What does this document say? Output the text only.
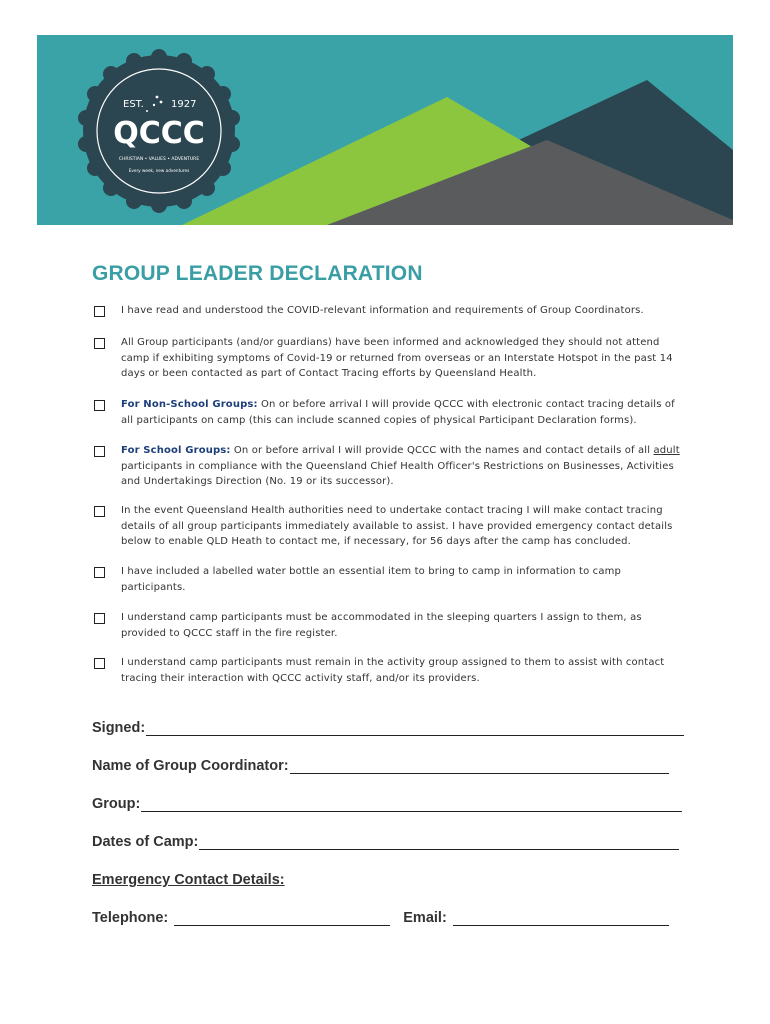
EST.	1927
QCCC
CHRISTIAN • VALUES • ADVENTURE
Every week, new adventures
GROUP LEADER DECLARATION
I have read and understood the COVID-relevant information and requirements of Group Coordinators.
All Group participants (and/or guardians) have been informed and acknowledged they should not attend camp if exhibiting symptoms of Covid-19 or returned from overseas or an Interstate Hotspot in the past 14 days or been contacted as part of Contact Tracing efforts by Queensland Health.
For Non-School Groups: On or before arrival I will provide QCCC with electronic contact tracing details of all participants on camp (this can include scanned copies of physical Participant Declaration forms).
For School Groups: On or before arrival I will provide QCCC with the names and contact details of all adult participants in compliance with the Queensland Chief Health Officer's Restrictions on Businesses, Activities and Undertakings Direction (No. 19 or its successor).
In the event Queensland Health authorities need to undertake contact tracing I will make contact tracing details of all group participants immediately available to assist. I have provided emergency contact details below to enable QLD Heath to contact me, if necessary, for 56 days after the camp has concluded.
I have included a labelled water bottle an essential item to bring to camp in information to camp participants.
I understand camp participants must be accommodated in the sleeping quarters I assign to them, as provided to QCCC staff in the fire register.
I understand camp participants must remain in the activity group assigned to them to assist with contact tracing their interaction with QCCC activity staff, and/or its providers.
Signed:
Name of Group Coordinator:
Group:
Dates of Camp:
Emergency Contact Details:
Telephone:	Email:
